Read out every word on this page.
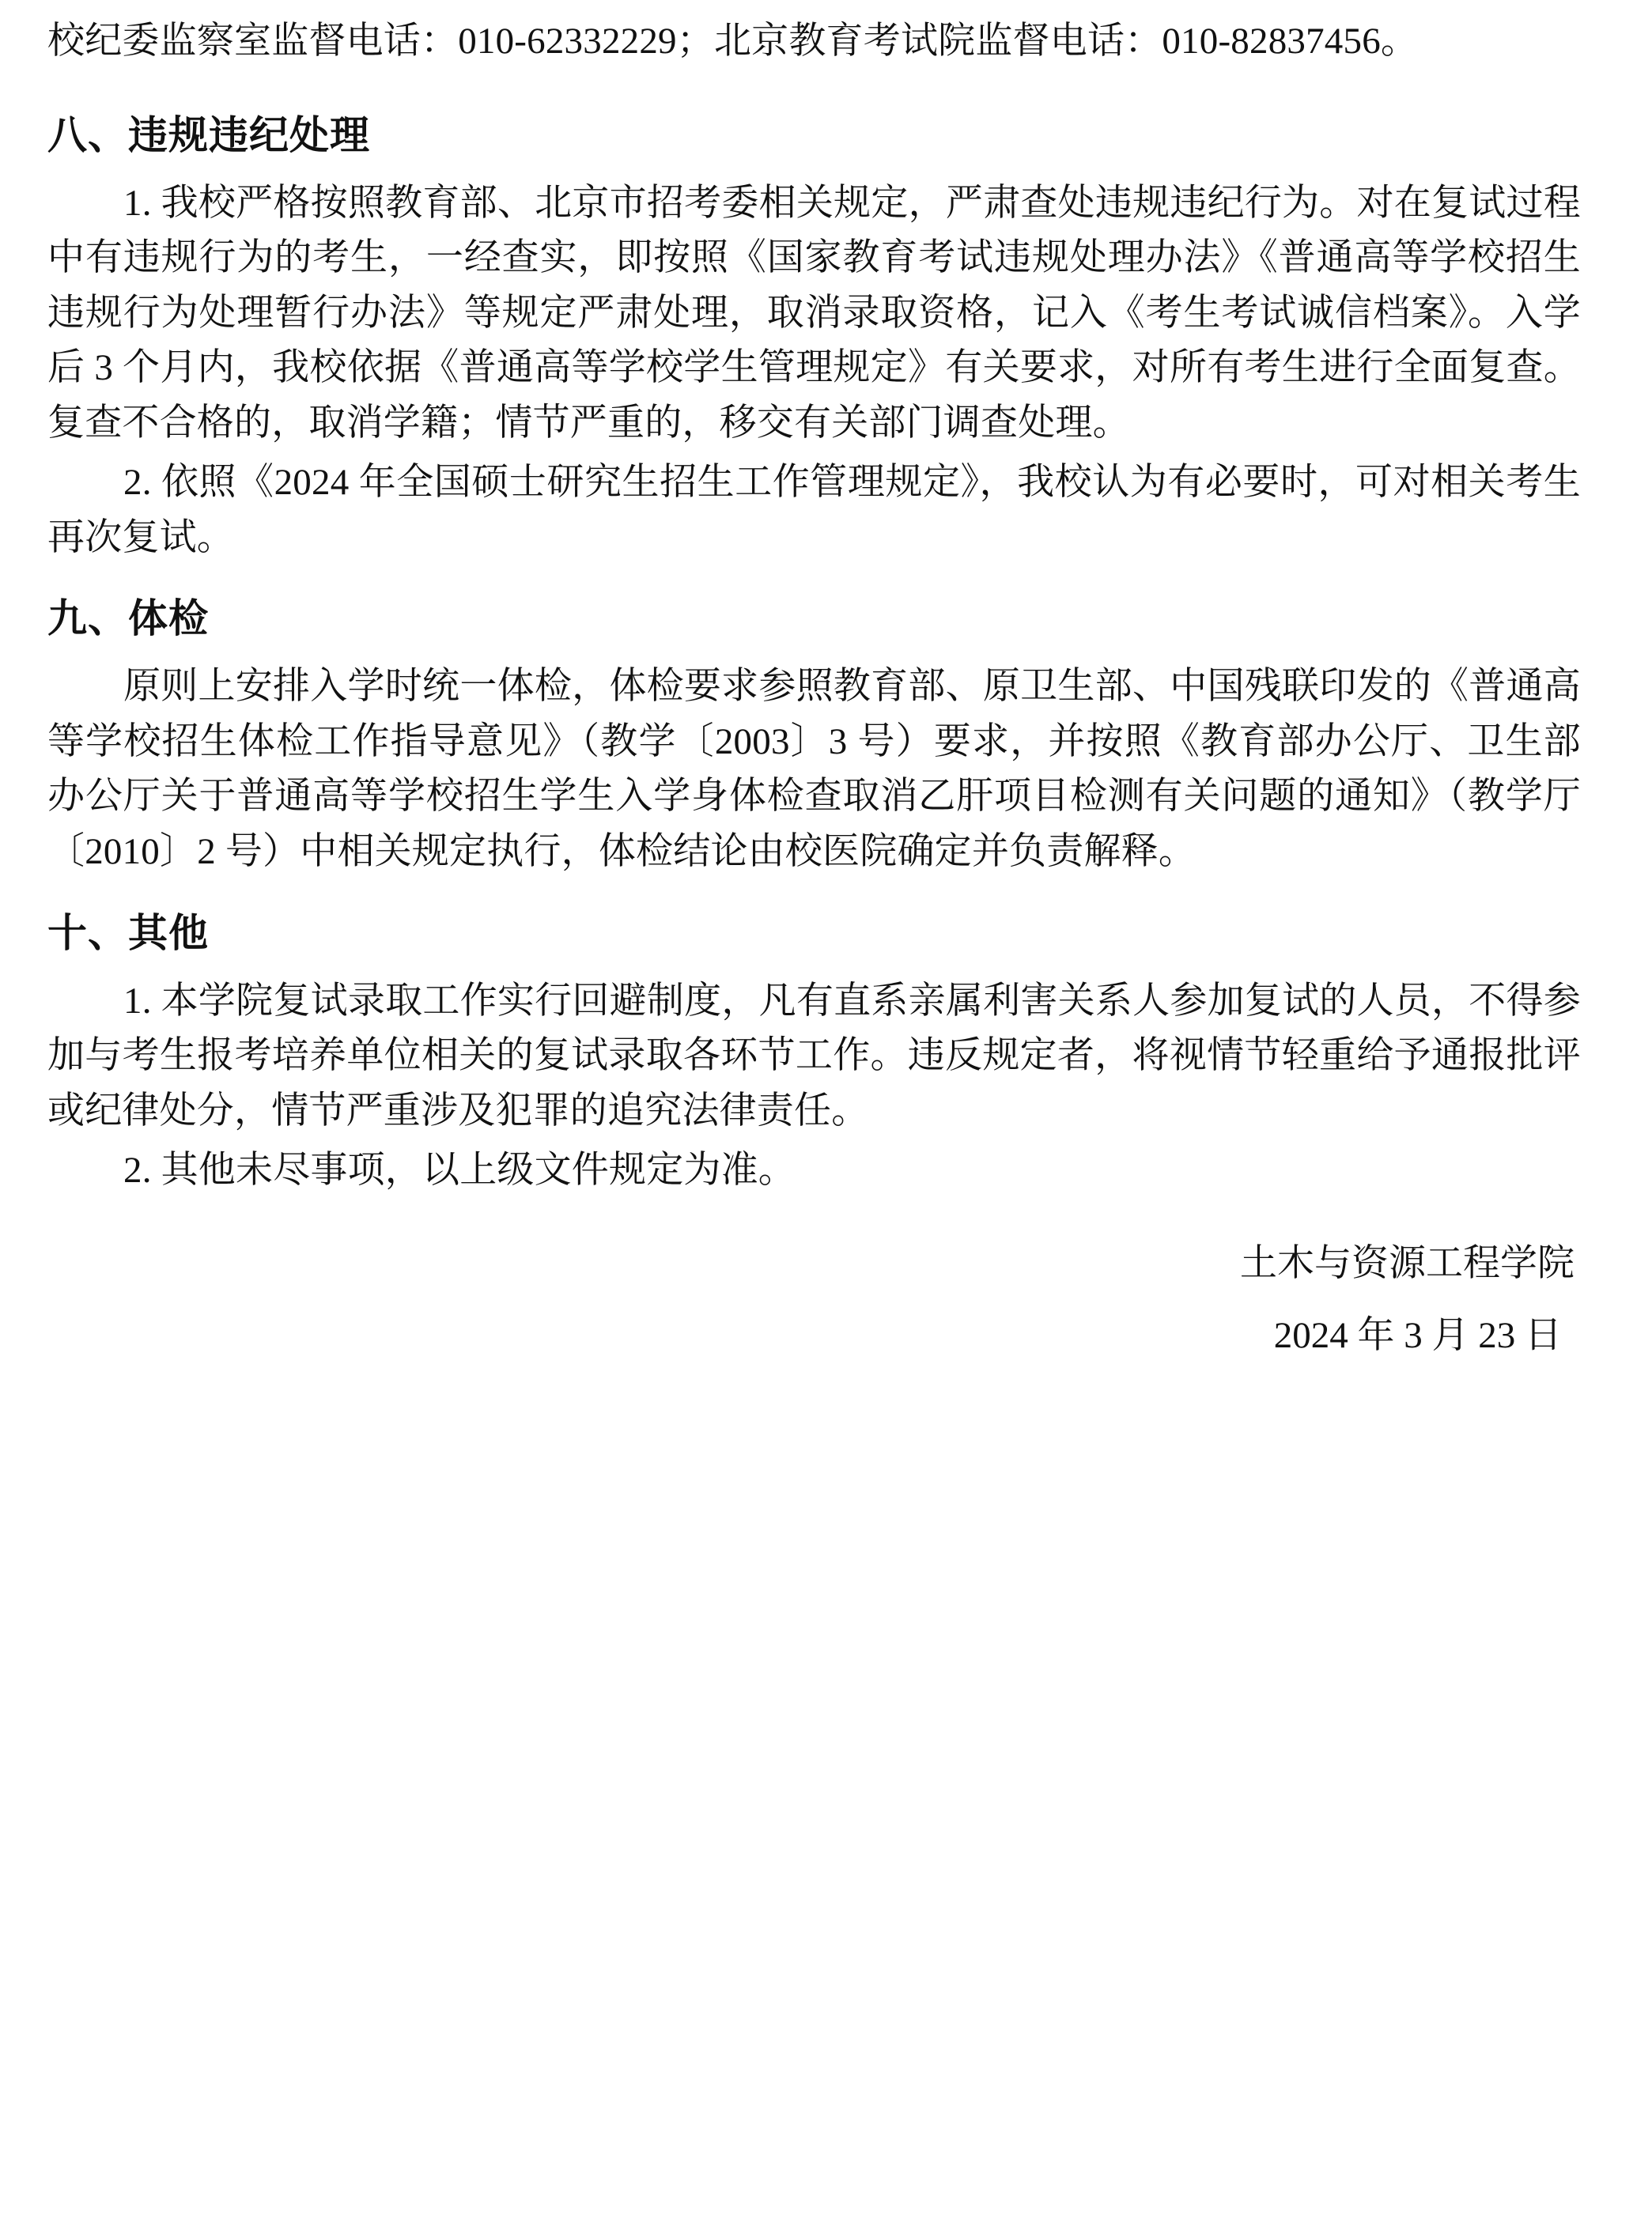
校纪委监察室监督电话：010-62332229；北京教育考试院监督电话：010-82837456。

八、违规违纪处理

1. 我校严格按照教育部、北京市招考委相关规定，严肃查处违规违纪行为。对在复试过程中有违规行为的考生，一经查实，即按照《国家教育考试违规处理办法》《普通高等学校招生违规行为处理暂行办法》等规定严肃处理，取消录取资格，记入《考生考试诚信档案》。入学后 3 个月内，我校依据《普通高等学校学生管理规定》有关要求，对所有考生进行全面复查。复查不合格的，取消学籍；情节严重的，移交有关部门调查处理。

2. 依照《2024 年全国硕士研究生招生工作管理规定》，我校认为有必要时，可对相关考生再次复试。

九、体检

原则上安排入学时统一体检，体检要求参照教育部、原卫生部、中国残联印发的《普通高等学校招生体检工作指导意见》（教学〔2003〕3 号）要求，并按照《教育部办公厅、卫生部办公厅关于普通高等学校招生学生入学身体检查取消乙肝项目检测有关问题的通知》（教学厅〔2010〕2 号）中相关规定执行，体检结论由校医院确定并负责解释。

十、其他

1. 本学院复试录取工作实行回避制度，凡有直系亲属利害关系人参加复试的人员，不得参加与考生报考培养单位相关的复试录取各环节工作。违反规定者，将视情节轻重给予通报批评或纪律处分，情节严重涉及犯罪的追究法律责任。

2. 其他未尽事项，以上级文件规定为准。

土木与资源工程学院

2024 年 3 月 23 日
